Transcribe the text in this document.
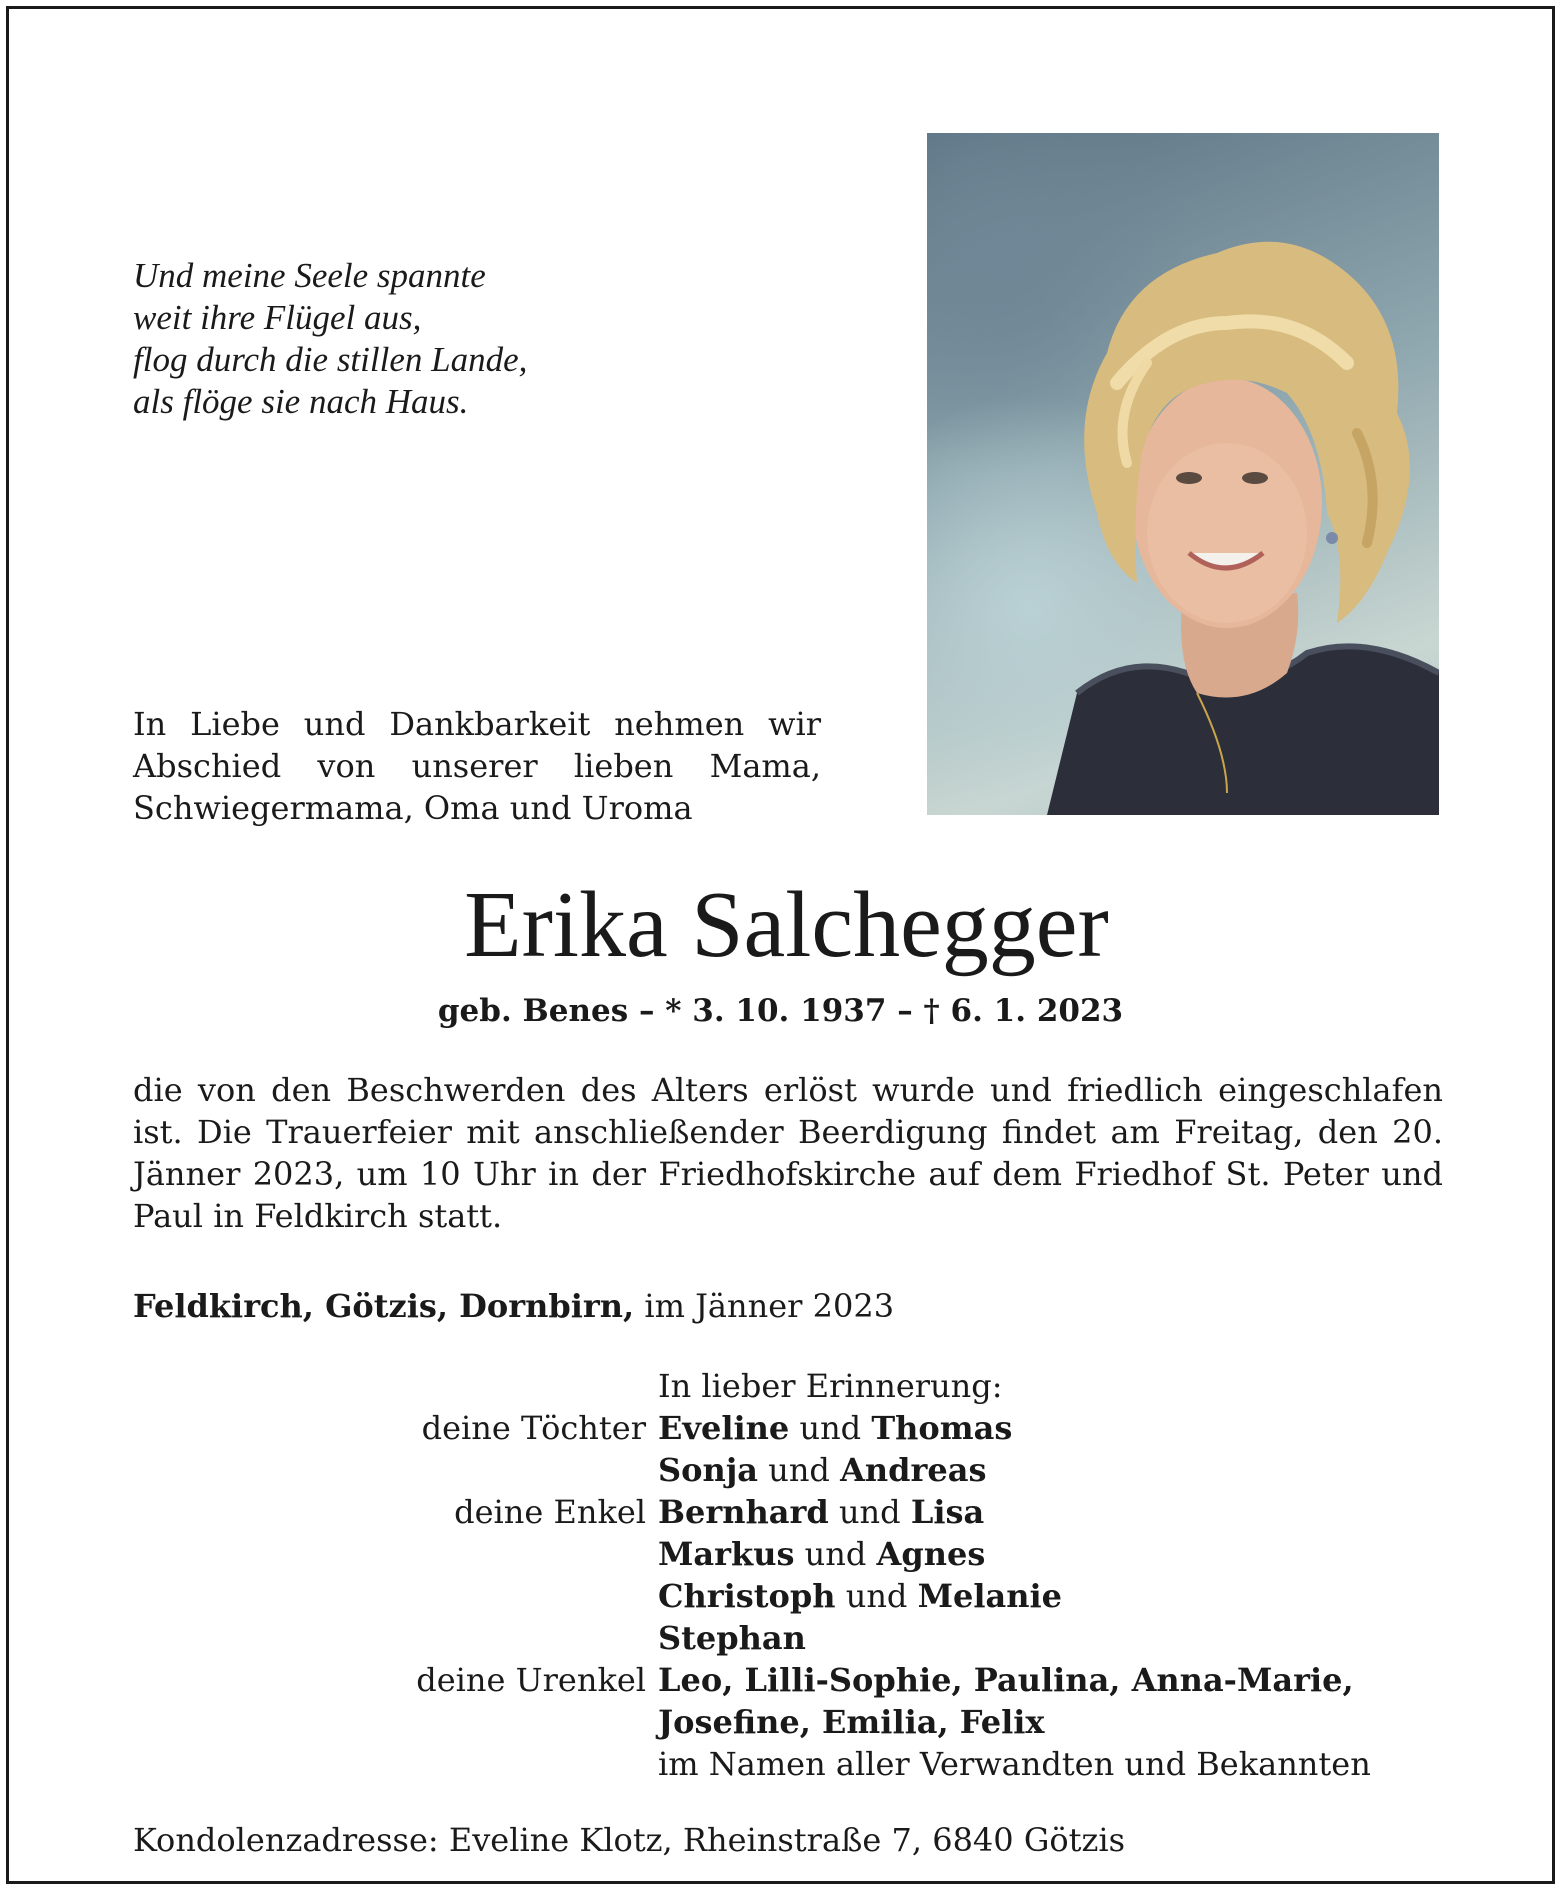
Und meine Seele spannte
weit ihre Flügel aus,
flog durch die stillen Lande,
als flöge sie nach Haus.
In Liebe und Dankbarkeit nehmen wir Abschied von unserer lieben Mama, Schwiegermama, Oma und Uroma
Erika Salchegger
geb. Benes – * 3. 10. 1937 – † 6. 1. 2023
die von den Beschwerden des Alters erlöst wurde und friedlich eingeschlafen ist. Die Trauerfeier mit anschließender Beerdigung findet am Freitag, den 20. Jänner 2023, um 10 Uhr in der Friedhofskirche auf dem Friedhof St. Peter und Paul in Feldkirch statt.
Feldkirch, Götzis, Dornbirn, im Jänner 2023
In lieber Erinnerung:
deine Töchter Eveline und Thomas
Sonja und Andreas
deine Enkel Bernhard und Lisa
Markus und Agnes
Christoph und Melanie
Stephan
deine Urenkel Leo, Lilli-Sophie, Paulina, Anna-Marie,
Josefine, Emilia, Felix
im Namen aller Verwandten und Bekannten
Kondolenzadresse: Eveline Klotz, Rheinstraße 7, 6840 Götzis
